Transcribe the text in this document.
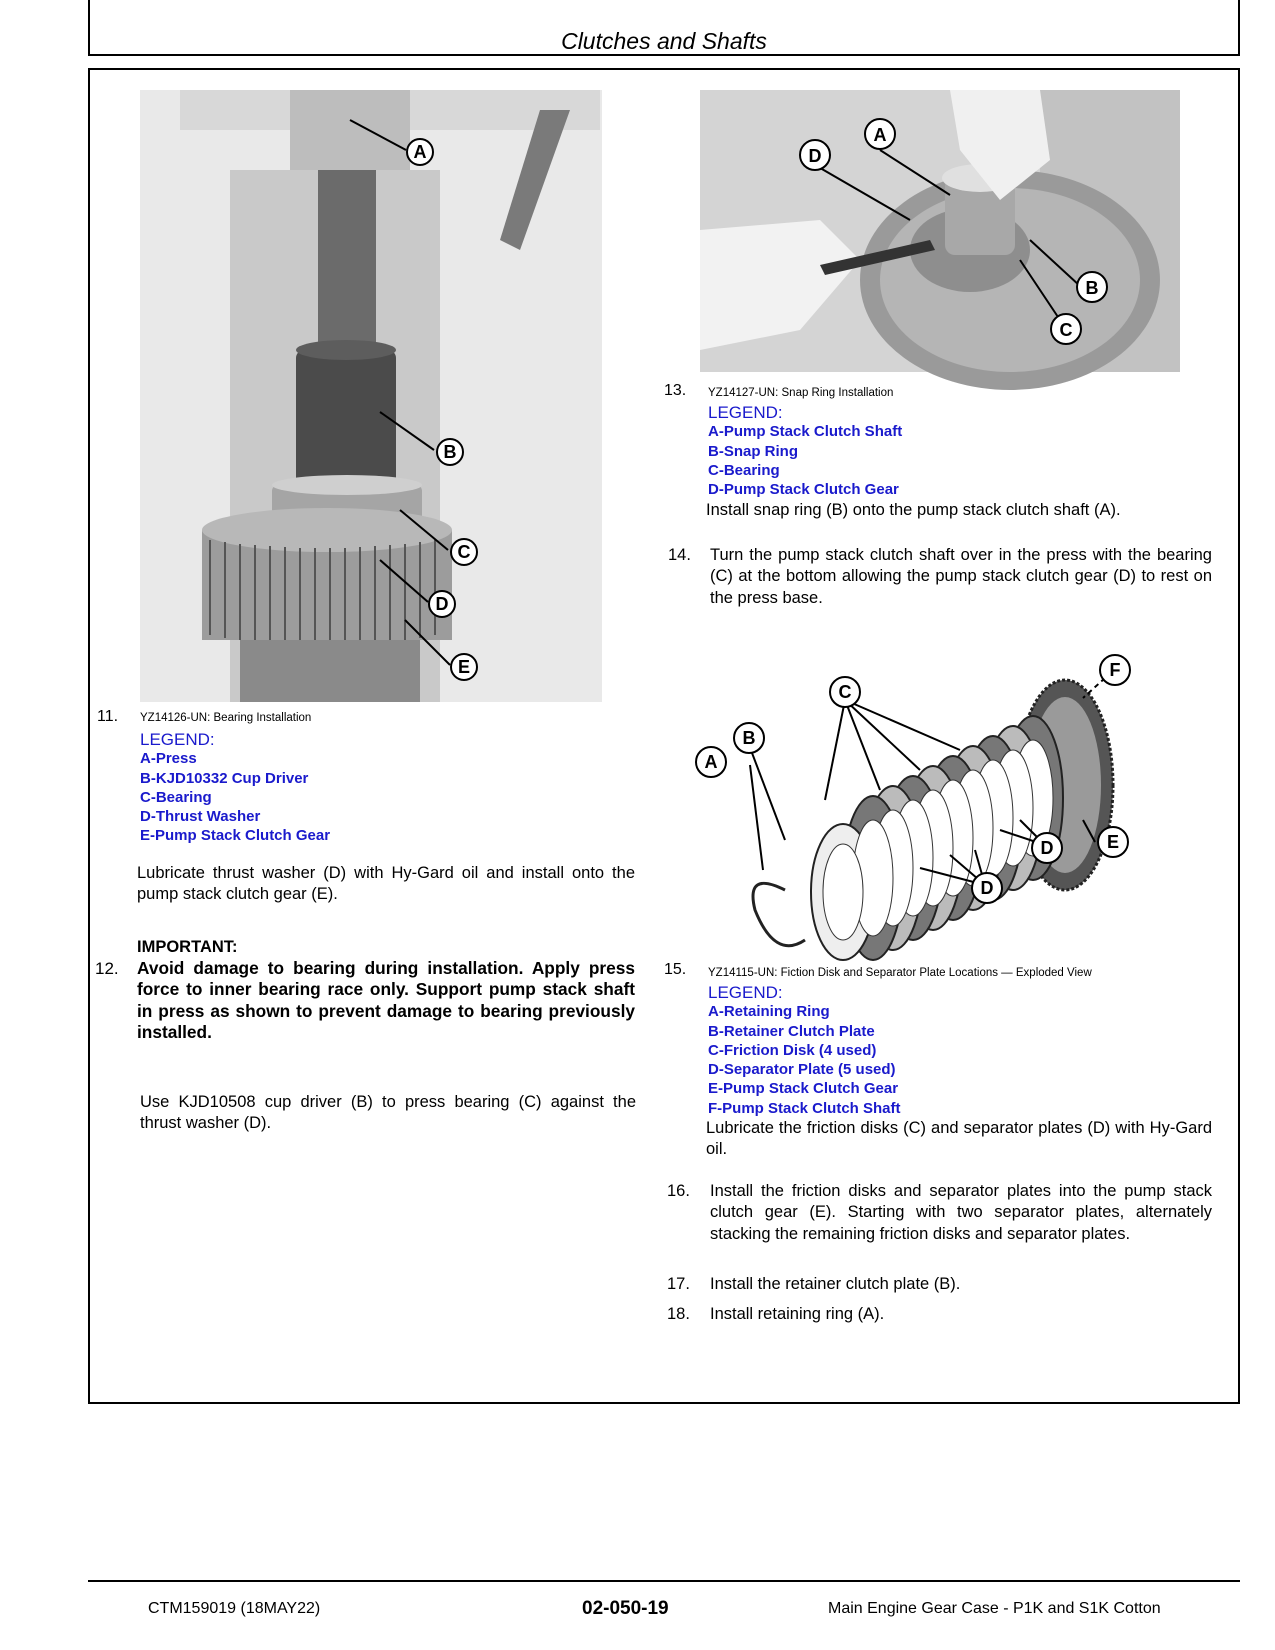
Clutches and Shafts
A
B
C
D
E
11. YZ14126-UN: Bearing Installation
LEGEND:
A-Press
B-KJD10332 Cup Driver
C-Bearing
D-Thrust Washer
E-Pump Stack Clutch Gear
Lubricate thrust washer (D) with Hy-Gard oil and install onto the pump stack clutch gear (E).
IMPORTANT:
12. Avoid damage to bearing during installation. Apply press force to inner bearing race only. Support pump stack shaft in press as shown to prevent damage to bearing previously installed.
Use KJD10508 cup driver (B) to press bearing (C) against the thrust washer (D).
A
D
B
C
13. YZ14127-UN: Snap Ring Installation
LEGEND:
A-Pump Stack Clutch Shaft
B-Snap Ring
C-Bearing
D-Pump Stack Clutch Gear
Install snap ring (B) onto the pump stack clutch shaft (A).
14. Turn the pump stack clutch shaft over in the press with the bearing (C) at the bottom allowing the pump stack clutch gear (D) to rest on the press base.
F
C
B
A
D	E
D
15. YZ14115-UN: Fiction Disk and Separator Plate Locations — Exploded View
LEGEND:
A-Retaining Ring
B-Retainer Clutch Plate
C-Friction Disk (4 used)
D-Separator Plate (5 used)
E-Pump Stack Clutch Gear
F-Pump Stack Clutch Shaft
Lubricate the friction disks (C) and separator plates (D) with Hy-Gard oil.
16. Install the friction disks and separator plates into the pump stack clutch gear (E). Starting with two separator plates, alternately stacking the remaining friction disks and separator plates.
17. Install the retainer clutch plate (B).
18. Install retaining ring (A).
CTM159019 (18MAY22)	02-050-19	Main Engine Gear Case - P1K and S1K Cotton
